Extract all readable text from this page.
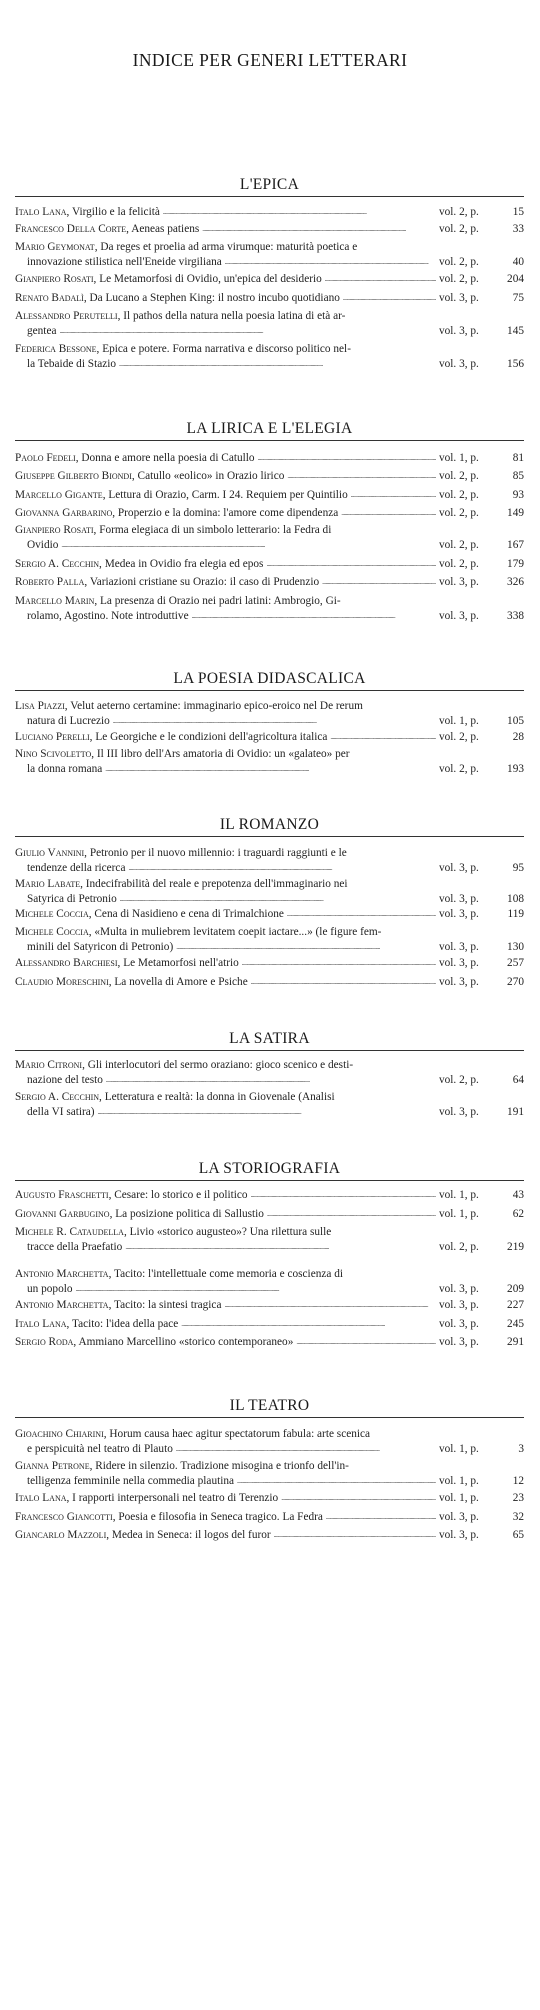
INDICE PER GENERI LETTERARI
L'EPICA
Italo Lana, Virgilio e la felicità . . .	vol. 2, p.	15
Francesco Della Corte, Aeneas patiens . . .	vol. 2, p.	33
Mario Geymonat, Da reges et proelia ad arma virumque: maturità poetica e
innovazione stilistica nell'Eneide virgiliana . . .	vol. 2, p.	40
Gianpiero Rosati, Le Metamorfosi di Ovidio, un'epica del desiderio . . .	vol. 2, p.	204
Renato Badalì, Da Lucano a Stephen King: il nostro incubo quotidiano . . .	vol. 3, p.	75
Alessandro Perutelli, Il pathos della natura nella poesia latina di età ar-
gentea . . .	vol. 3, p.	145
Federica Bessone, Epica e potere. Forma narrativa e discorso politico nel-
la Tebaide di Stazio . . .	vol. 3, p.	156
LA LIRICA E L'ELEGIA
Paolo Fedeli, Donna e amore nella poesia di Catullo . . .	vol. 1, p.	81
Giuseppe Gilberto Biondi, Catullo «eolico» in Orazio lirico . . .	vol. 2, p.	85
Marcello Gigante, Lettura di Orazio, Carm. I 24. Requiem per Quintilio . . .	vol. 2, p.	93
Giovanna Garbarino, Properzio e la domina: l'amore come dipendenza . . .	vol. 2, p.	149
Gianpiero Rosati, Forma elegiaca di un simbolo letterario: la Fedra di
Ovidio . . .	vol. 2, p.	167
Sergio A. Cecchin, Medea in Ovidio fra elegia ed epos . . .	vol. 2, p.	179
Roberto Palla, Variazioni cristiane su Orazio: il caso di Prudenzio . . .	vol. 3, p.	326
Marcello Marin, La presenza di Orazio nei padri latini: Ambrogio, Gi-
rolamo, Agostino. Note introduttive . . .	vol. 3, p.	338
LA POESIA DIDASCALICA
Lisa Piazzi, Velut aeterno certamine: immaginario epico-eroico nel De rerum
natura di Lucrezio . . .	vol. 1, p.	105
Luciano Perelli, Le Georgiche e le condizioni dell'agricoltura italica . . .	vol. 2, p.	28
Nino Scivoletto, Il III libro dell'Ars amatoria di Ovidio: un «galateo» per
la donna romana . . .	vol. 2, p.	193
IL ROMANZO
Giulio Vannini, Petronio per il nuovo millennio: i traguardi raggiunti e le
tendenze della ricerca . . .	vol. 3, p.	95
Mario Labate, Indecifrabilità del reale e prepotenza dell'immaginario nei
Satyrica di Petronio . . .	vol. 3, p.	108
Michele Coccia, Cena di Nasidieno e cena di Trimalchione . . .	vol. 3, p.	119
Michele Coccia, «Multa in muliebrem levitatem coepit iactare...» (le figure fem-
minili del Satyricon di Petronio) . . .	vol. 3, p.	130
Alessandro Barchiesi, Le Metamorfosi nell'atrio . . .	vol. 3, p.	257
Claudio Moreschini, La novella di Amore e Psiche . . .	vol. 3, p.	270
LA SATIRA
Mario Citroni, Gli interlocutori del sermo oraziano: gioco scenico e desti-
nazione del testo . . .	vol. 2, p.	64
Sergio A. Cecchin, Letteratura e realtà: la donna in Giovenale (Analisi
della VI satira) . . .	vol. 3, p.	191
LA STORIOGRAFIA
Augusto Fraschetti, Cesare: lo storico e il politico . . .	vol. 1, p.	43
Giovanni Garbugino, La posizione politica di Sallustio . . .	vol. 1, p.	62
Michele R. Cataudella, Livio «storico augusteo»? Una rilettura sulle
tracce della Praefatio . . .	vol. 2, p.	219
Antonio Marchetta, Tacito: l'intellettuale come memoria e coscienza di
un popolo . . .	vol. 3, p.	209
Antonio Marchetta, Tacito: la sintesi tragica . . .	vol. 3, p.	227
Italo Lana, Tacito: l'idea della pace . . .	vol. 3, p.	245
Sergio Roda, Ammiano Marcellino «storico contemporaneo» . . .	vol. 3, p.	291
IL TEATRO
Gioachino Chiarini, Horum causa haec agitur spectatorum fabula: arte scenica
e perspicuità nel teatro di Plauto . . .	vol. 1, p.	3
Gianna Petrone, Ridere in silenzio. Tradizione misogina e trionfo dell'in-
telligenza femminile nella commedia plautina . . .	vol. 1, p.	12
Italo Lana, I rapporti interpersonali nel teatro di Terenzio . . .	vol. 1, p.	23
Francesco Giancotti, Poesia e filosofia in Seneca tragico. La Fedra . . .	vol. 3, p.	32
Giancarlo Mazzoli, Medea in Seneca: il logos del furor . . .	vol. 3, p.	65
